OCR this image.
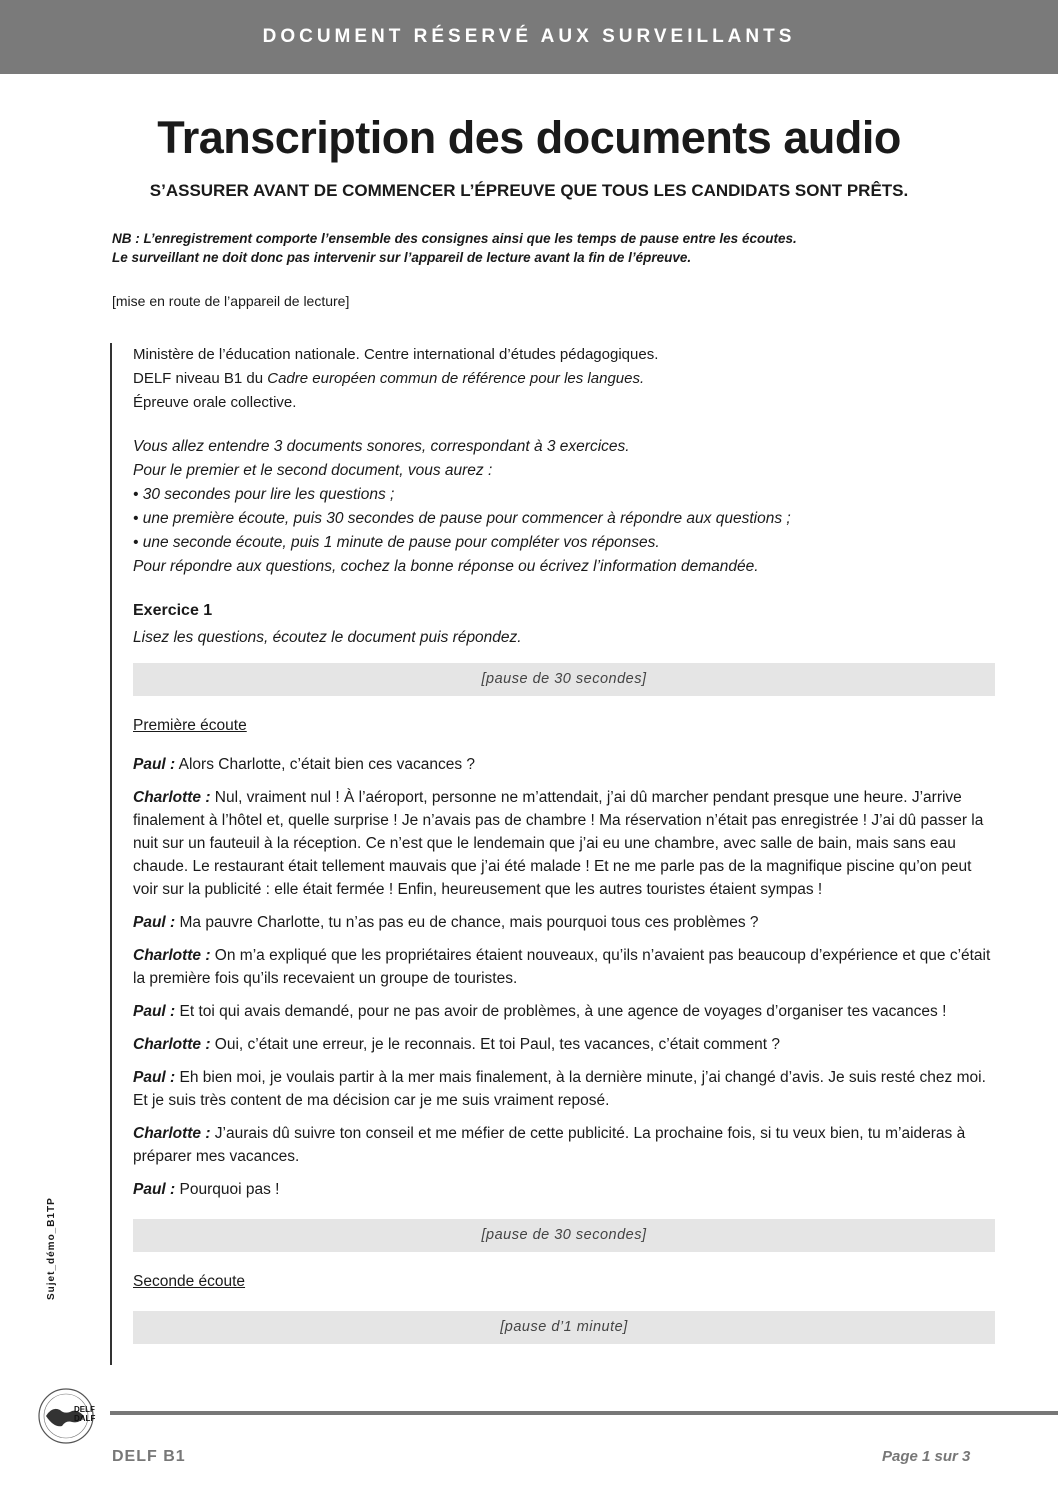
DOCUMENT RÉSERVÉ AUX SURVEILLANTS
Transcription des documents audio
S’ASSURER AVANT DE COMMENCER L’ÉPREUVE QUE TOUS LES CANDIDATS SONT PRÊTS.
NB : L’enregistrement comporte l’ensemble des consignes ainsi que les temps de pause entre les écoutes.
Le surveillant ne doit donc pas intervenir sur l’appareil de lecture avant la fin de l’épreuve.
[mise en route de l’appareil de lecture]
Sujet_démo_B1TP

Ministère de l’éducation nationale. Centre international d’études pédagogiques.

DELF niveau B1 du Cadre européen commun de référence pour les langues.

Épreuve orale collective.

Vous allez entendre 3 documents sonores, correspondant à 3 exercices.

Pour le premier et le second document, vous aurez :

• 30 secondes pour lire les questions ;

• une première écoute, puis 30 secondes de pause pour commencer à répondre aux questions ;

• une seconde écoute, puis 1 minute de pause pour compléter vos réponses.

Pour répondre aux questions, cochez la bonne réponse ou écrivez l’information demandée.

Exercice 1
Lisez les questions, écoutez le document puis répondez.
[pause de 30 secondes]
Première écoute
Paul : Alors Charlotte, c’était bien ces vacances ?
Charlotte : Nul, vraiment nul ! À l’aéroport, personne ne m’attendait, j’ai dû marcher pendant presque une heure. J’arrive finalement à l’hôtel et, quelle surprise ! Je n’avais pas de chambre ! Ma réservation n’était pas enregistrée ! J’ai dû passer la nuit sur un fauteuil à la réception. Ce n’est que le lendemain que j’ai eu une chambre, avec salle de bain, mais sans eau chaude. Le restaurant était tellement mauvais que j’ai été malade ! Et ne me parle pas de la magnifique piscine qu’on peut voir sur la publicité : elle était fermée ! Enfin, heureusement que les autres touristes étaient sympas !
Paul : Ma pauvre Charlotte, tu n’as pas eu de chance, mais pourquoi tous ces problèmes ?
Charlotte : On m’a expliqué que les propriétaires étaient nouveaux, qu’ils n’avaient pas beaucoup d’expérience et que c’était la première fois qu’ils recevaient un groupe de touristes.
Paul : Et toi qui avais demandé, pour ne pas avoir de problèmes, à une agence de voyages d’organiser tes vacances !
Charlotte : Oui, c’était une erreur, je le reconnais. Et toi Paul, tes vacances, c’était comment ?
Paul : Eh bien moi, je voulais partir à la mer mais finalement, à la dernière minute, j’ai changé d’avis. Je suis resté chez moi. Et je suis très content de ma décision car je me suis vraiment reposé.
Charlotte : J’aurais dû suivre ton conseil et me méfier de cette publicité. La prochaine fois, si tu veux bien, tu m’aideras à préparer mes vacances.
Paul : Pourquoi pas !
[pause de 30 secondes]
Seconde écoute
[pause d’1 minute]
DELF
DALF
DELF B1	Page 1 sur 3
